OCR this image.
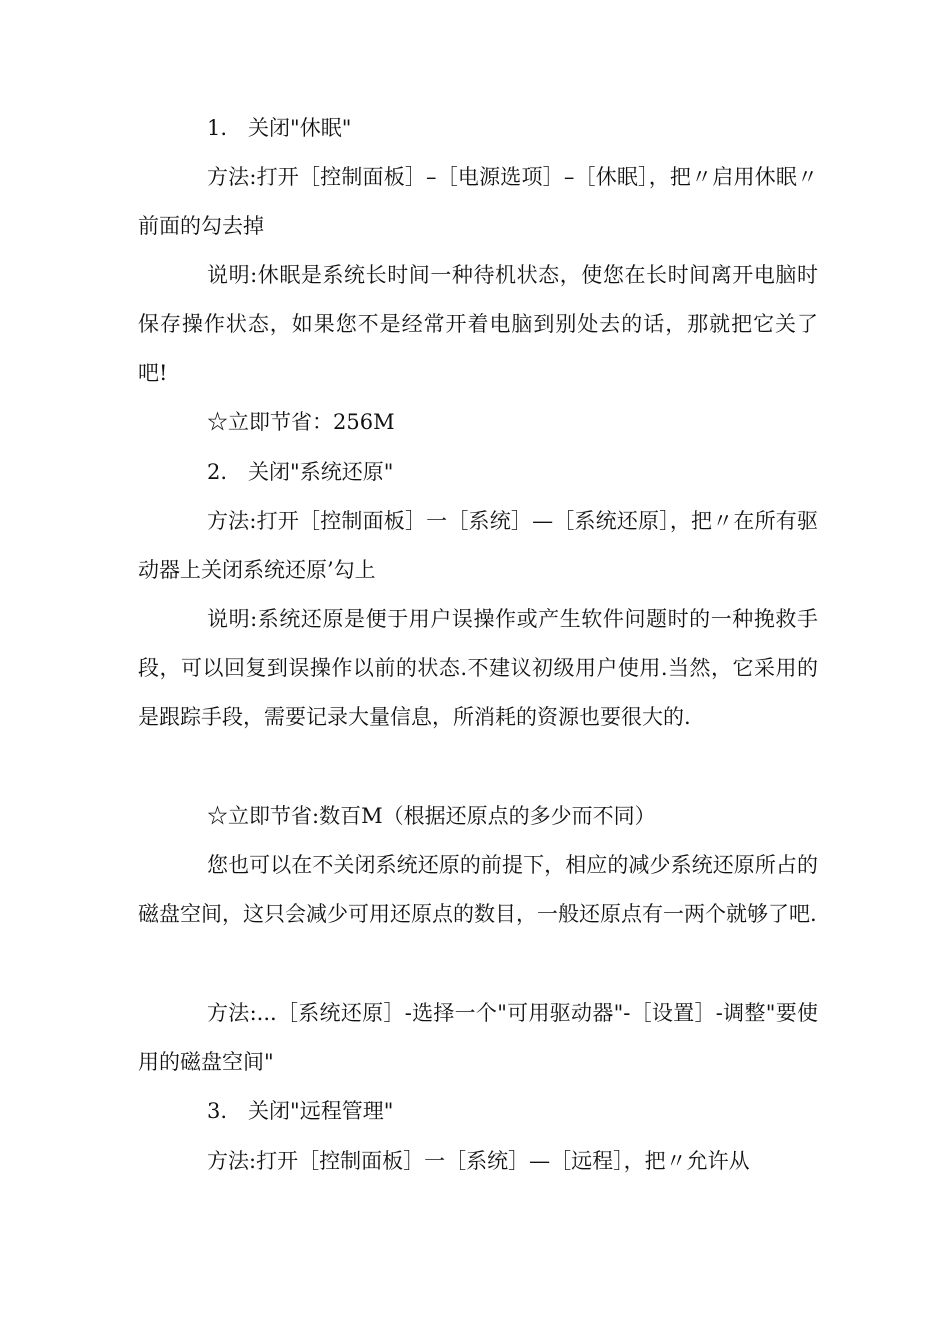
1.　关闭"休眠"

方法:打开［控制面板］–［电源选项］–［休眠］，把〃启用休眠〃前面的勾去掉

说明:休眠是系统长时间一种待机状态，使您在长时间离开电脑时保存操作状态，如果您不是经常开着电脑到别处去的话，那就把它关了吧!

☆立即节省：256M

2.　关闭"系统还原"

方法:打开［控制面板］一［系统］—［系统还原］，把〃在所有驱动器上关闭系统还原’勾上

说明:系统还原是便于用户误操作或产生软件问题时的一种挽救手段，可以回复到误操作以前的状态.不建议初级用户使用.当然，它采用的是跟踪手段，需要记录大量信息，所消耗的资源也要很大的.

☆立即节省:数百M（根据还原点的多少而不同）

您也可以在不关闭系统还原的前提下，相应的减少系统还原所占的磁盘空间，这只会减少可用还原点的数目，一般还原点有一两个就够了吧.

方法:...［系统还原］-选择一个"可用驱动器"-［设置］-调整"要使用的磁盘空间"

3.　关闭"远程管理"

方法:打开［控制面板］一［系统］—［远程］，把〃允许从
